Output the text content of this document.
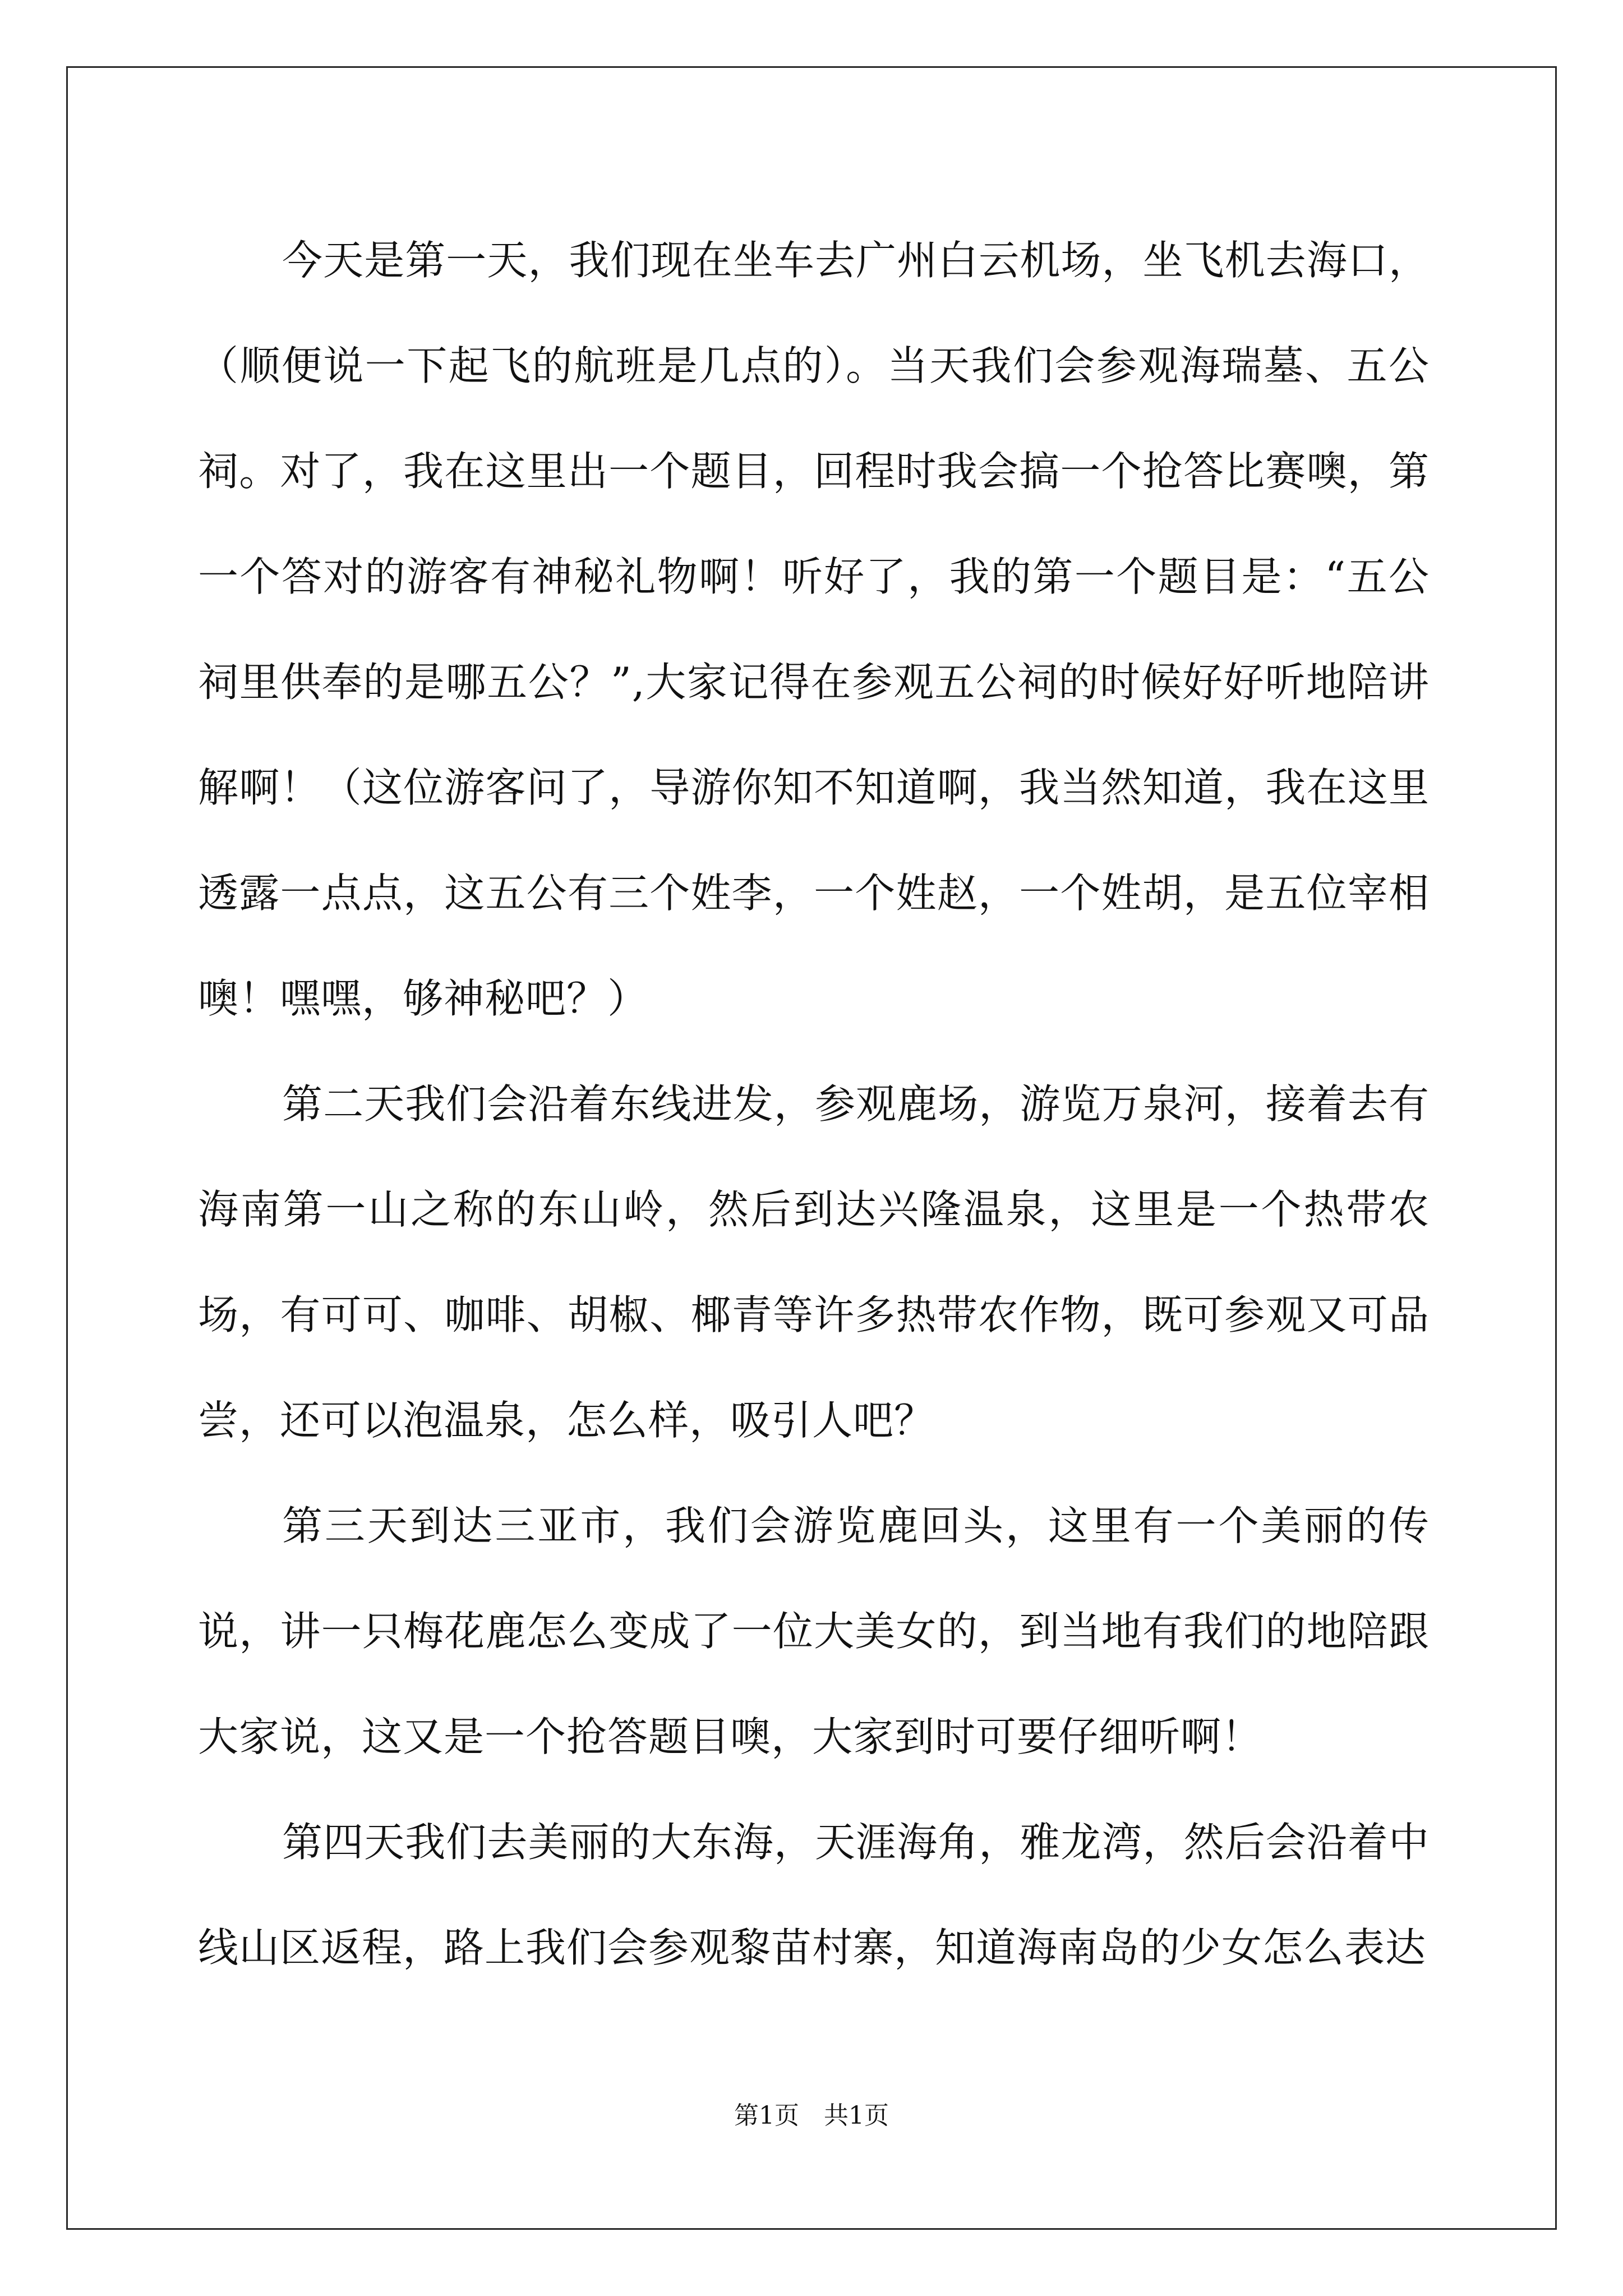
今天是第一天，我们现在坐车去广州白云机场，坐飞机去海口，（顺便说一下起飞的航班是几点的）。当天我们会参观海瑞墓、五公祠。对了，我在这里出一个题目，回程时我会搞一个抢答比赛噢，第一个答对的游客有神秘礼物啊！听好了，我的第一个题目是：“五公祠里供奉的是哪五公？”,大家记得在参观五公祠的时候好好听地陪讲解啊！（这位游客问了，导游你知不知道啊，我当然知道，我在这里透露一点点，这五公有三个姓李，一个姓赵，一个姓胡，是五位宰相噢！嘿嘿，够神秘吧？）

第二天我们会沿着东线进发，参观鹿场，游览万泉河，接着去有海南第一山之称的东山岭，然后到达兴隆温泉，这里是一个热带农场，有可可、咖啡、胡椒、椰青等许多热带农作物，既可参观又可品尝，还可以泡温泉，怎么样，吸引人吧？

第三天到达三亚市，我们会游览鹿回头，这里有一个美丽的传说，讲一只梅花鹿怎么变成了一位大美女的，到当地有我们的地陪跟大家说，这又是一个抢答题目噢，大家到时可要仔细听啊！

第四天我们去美丽的大东海，天涯海角，雅龙湾，然后会沿着中线山区返程，路上我们会参观黎苗村寨，知道海南岛的少女怎么表达

第1页　共1页
